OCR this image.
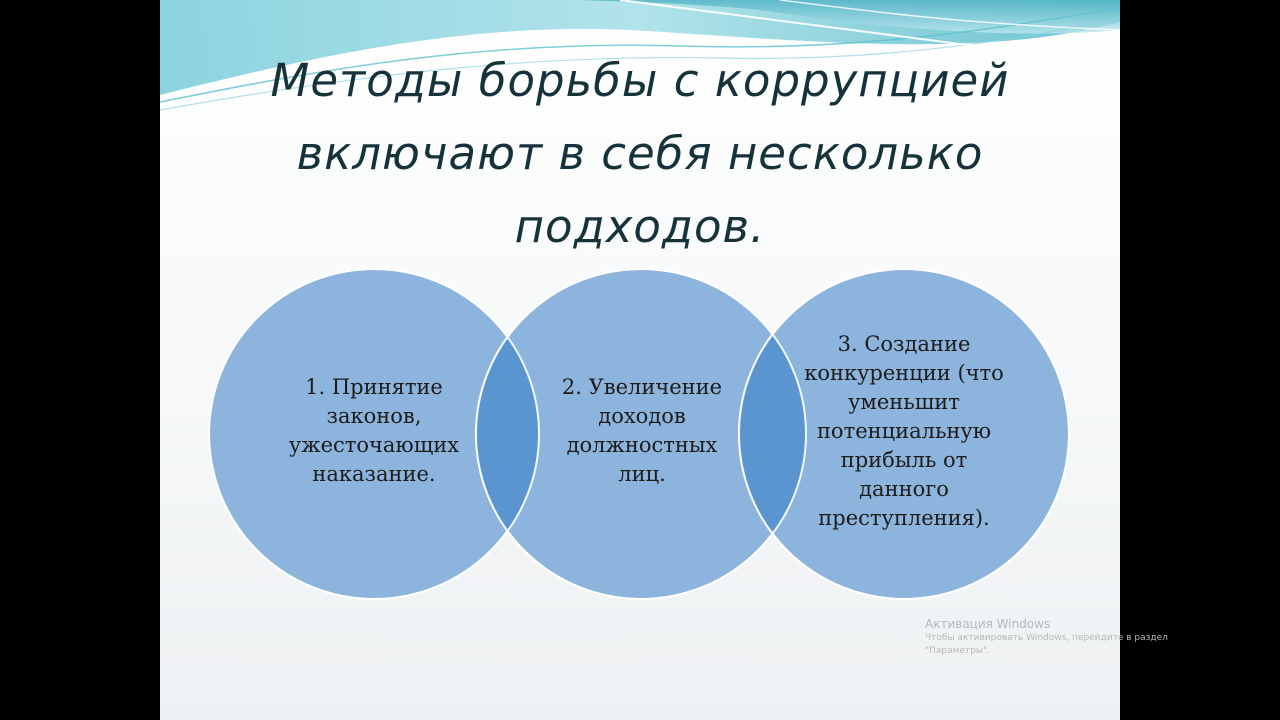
Методы борьбы с коррупцией включают в себя несколько подходов.

1. Принятие законов, ужесточающих наказание.

2. Увеличение доходов должностных лиц.

3. Создание конкуренции (что уменьшит потенциальную прибыль от данного преступления).

Активация Windows

Чтобы активировать Windows, перейдите в раздел "Параметры".
